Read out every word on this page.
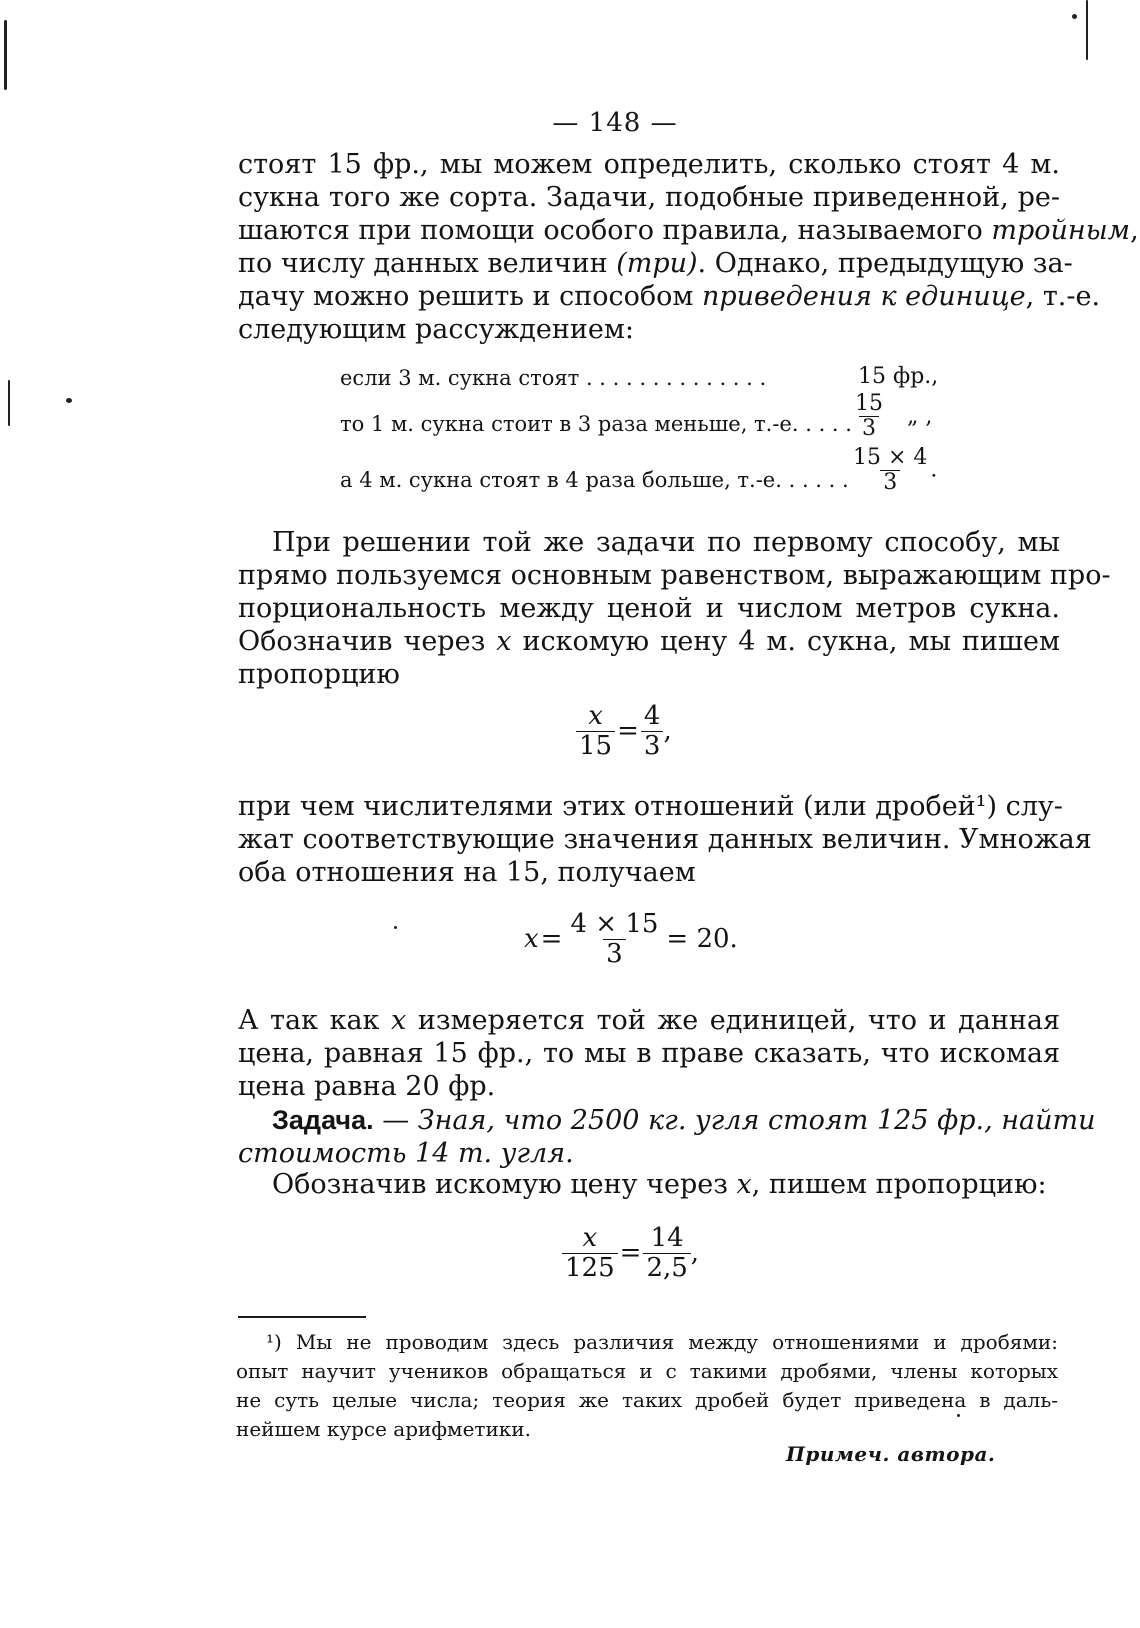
— 148 —
стоят 15 фр., мы можем определить, сколько стоят 4 м.
сукна того же сорта. Задачи, подобные приведенной, ре-
шаются при помощи особого правила, называемого тройным,
по числу данных величин (три). Однако, предыдущую за-
дачу можно решить и способом приведения к единице, т.-е.
следующим рассуждением:
если 3 м. сукна стоят . . . . . . . . . . . . . .	15 фр.,
то 1 м. сукна стоит в 3 раза меньше, т.-е. . . . . $\frac{15}{3}$ „ ,
а 4 м. сукна стоят в 4 раза больше, т.-е. . . . . . $\frac{15 \times 4}{3}$ .
При решении той же задачи по первому способу, мы
прямо пользуемся основным равенством, выражающим про-
порциональность между ценой и числом метров сукна.
Обозначив через x искомую цену 4 м. сукна, мы пишем
пропорцию
$\frac{x}{15} = \frac{4}{3}$ ,
при чем числителями этих отношений (или дробей¹) слу-
жат соответствующие значения данных величин. Умножая
оба отношения на 15, получаем
$x = \frac{4 \times 15}{3} = 20$.
А так как x измеряется той же единицей, что и данная
цена, равная 15 фр., то мы в праве сказать, что искомая
цена равна 20 фр.
Задача. — Зная, что 2500 кг. угля стоят 125 фр., найти
стоимость 14 т. угля.
Обозначив искомую цену через x, пишем пропорцию:
$\frac{x}{125} = \frac{14}{2,5}$ ,
¹) Мы не проводим здесь различия между отношениями и дробями:
опыт научит учеников обращаться и с такими дробями, члены которых
не суть целые числа; теория же таких дробей будет приведена в даль-
нейшем курсе арифметики.
Примеч. автора.
